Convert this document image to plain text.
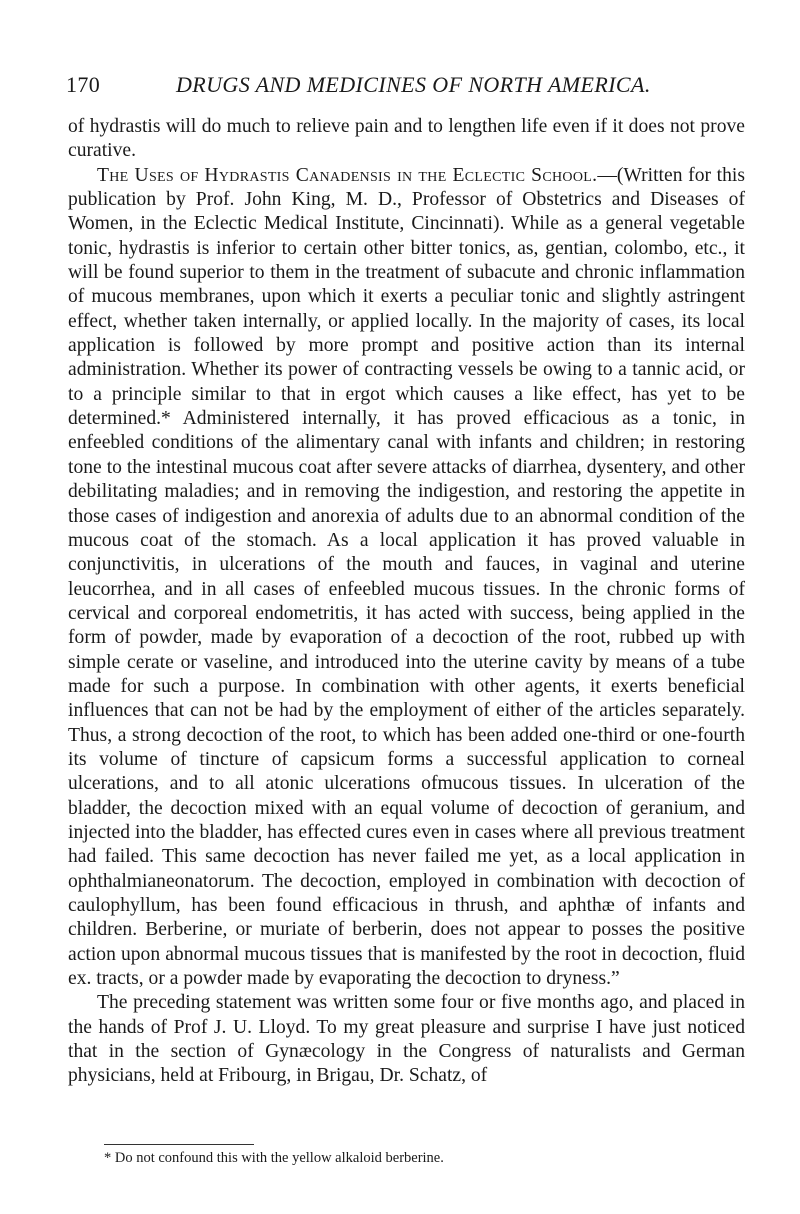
170	DRUGS AND MEDICINES OF NORTH AMERICA.

of hydrastis will do much to relieve pain and to lengthen life even if it does not prove curative.

The Uses of Hydrastis Canadensis in the Eclectic School.—(Written for this publication by Prof. John King, M. D., Professor of Obstetrics and Diseases of Women, in the Eclectic Medical Institute, Cincinnati). While as a general vegetable tonic, hydrastis is inferior to certain other bitter tonics, as, gentian, colombo, etc., it will be found superior to them in the treatment of subacute and chronic inflammation of mucous membranes, upon which it exerts a peculiar tonic and slightly astringent effect, whether taken internally, or applied locally. In the majority of cases, its local application is followed by more prompt and positive action than its internal administration. Whether its power of contracting vessels be owing to a tannic acid, or to a principle similar to that in ergot which causes a like effect, has yet to be determined.* Administered internally, it has proved efficacious as a tonic, in enfeebled conditions of the alimentary canal with infants and children; in restoring tone to the intestinal mucous coat after severe attacks of diarrhea, dysentery, and other debilitating maladies; and in removing the indigestion, and restoring the appetite in those cases of indigestion and anorexia of adults due to an abnormal condition of the mucous coat of the stomach. As a local application it has proved valuable in conjunctivitis, in ulcerations of the mouth and fauces, in vaginal and uterine leucorrhea, and in all cases of enfeebled mucous tissues. In the chronic forms of cervical and corporeal endometritis, it has acted with success, being applied in the form of powder, made by evaporation of a decoction of the root, rubbed up with simple cerate or vaseline, and introduced into the uterine cavity by means of a tube made for such a purpose. In combination with other agents, it exerts beneficial influences that can not be had by the employment of either of the articles separately. Thus, a strong decoction of the root, to which has been added one-third or one-fourth its volume of tincture of capsicum forms a successful application to corneal ulcerations, and to all atonic ulcerations ofmucous tissues. In ulceration of the bladder, the decoction mixed with an equal volume of decoction of geranium, and injected into the bladder, has effected cures even in cases where all previous treatment had failed. This same decoction has never failed me yet, as a local application in ophthalmianeonatorum. The decoction, employed in combination with decoction of caulophyllum, has been found efficacious in thrush, and aphthæ of infants and children. Berberine, or muriate of berberin, does not appear to posses the positive action upon abnormal mucous tissues that is manifested by the root in decoction, fluid ex. tracts, or a powder made by evaporating the decoction to dryness.”

The preceding statement was written some four or five months ago, and placed in the hands of Prof J. U. Lloyd. To my great pleasure and surprise I have just noticed that in the section of Gynæcology in the Congress of naturalists and German physicians, held at Fribourg, in Brigau, Dr. Schatz, of

* Do not confound this with the yellow alkaloid berberine.
